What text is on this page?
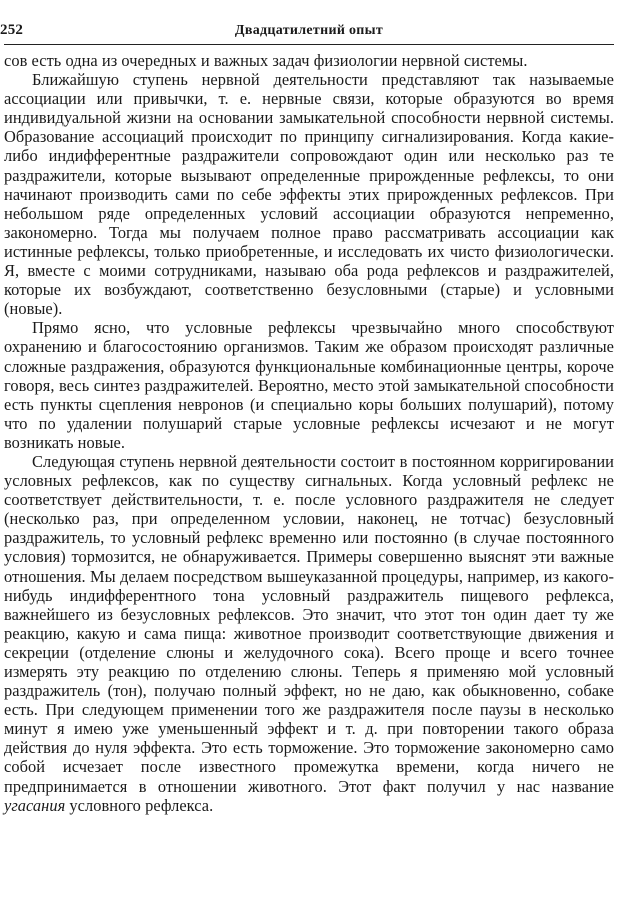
252	Двадцатилетний опыт

сов есть одна из очередных и важных задач физиологии нервной системы.

Ближайшую ступень нервной деятельности представляют так называемые ассоциации или привычки, т. е. нервные связи, которые образуются во время индивидуальной жизни на основании замыкательной способности нервной системы. Образование ассоциаций происходит по принципу сигнализирования. Когда какие-либо индифферентные раздражители сопровождают один или несколько раз те раздражители, которые вызывают определенные прирожденные рефлексы, то они начинают производить сами по себе эффекты этих прирожденных рефлексов. При небольшом ряде определенных условий ассоциации образуются непременно, закономерно. Тогда мы получаем полное право рассматривать ассоциации как истинные рефлексы, только приобретенные, и исследовать их чисто физиологически. Я, вместе с моими сотрудниками, называю оба рода рефлексов и раздражителей, которые их возбуждают, соответственно безусловными (старые) и условными (новые).

Прямо ясно, что условные рефлексы чрезвычайно много способствуют охранению и благосостоянию организмов. Таким же образом происходят различные сложные раздражения, образуются функциональные комбинационные центры, короче говоря, весь синтез раздражителей. Вероятно, место этой замыкательной способности есть пункты сцепления невронов (и специально коры больших полушарий), потому что по удалении полушарий старые условные рефлексы исчезают и не могут возникать новые.

Следующая ступень нервной деятельности состоит в постоянном корригировании условных рефлексов, как по существу сигнальных. Когда условный рефлекс не соответствует действительности, т. е. после условного раздражителя не следует (несколько раз, при определенном условии, наконец, не тотчас) безусловный раздражитель, то условный рефлекс временно или постоянно (в случае постоянного условия) тормозится, не обнаруживается. Примеры совершенно выяснят эти важные отношения. Мы делаем посредством вышеуказанной процедуры, например, из какого-нибудь индифферентного тона условный раздражитель пищевого рефлекса, важнейшего из безусловных рефлексов. Это значит, что этот тон один дает ту же реакцию, какую и сама пища: животное производит соответствующие движения и секреции (отделение слюны и желудочного сока). Всего проще и всего точнее измерять эту реакцию по отделению слюны. Теперь я применяю мой условный раздражитель (тон), получаю полный эффект, но не даю, как обыкновенно, собаке есть. При следующем применении того же раздражителя после паузы в несколько минут я имею уже уменьшенный эффект и т. д. при повторении такого образа действия до нуля эффекта. Это есть торможение. Это торможение закономерно само собой исчезает после известного промежутка времени, когда ничего не предпринимается в отношении животного. Этот факт получил у нас название угасания условного рефлекса.
